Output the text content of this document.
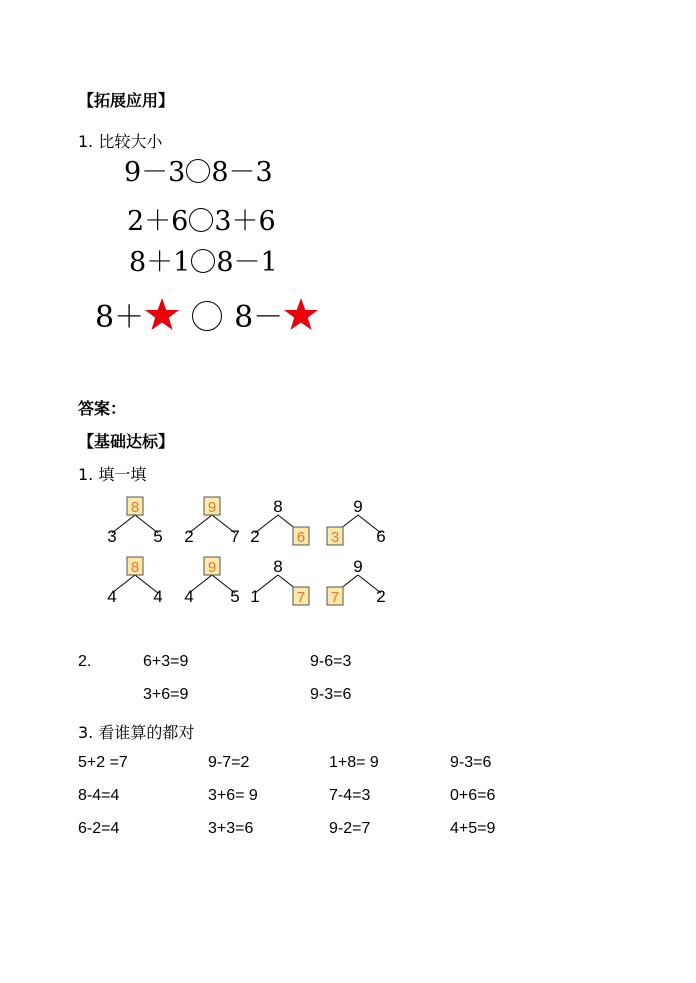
【拓展应用】
1. 比较大小
9－3 8－3
2＋6 3＋6
8＋1 8－1
8＋	8－
答案：
【基础达标】
1. 填一填
8
3 5
9
2 7
8
2 6
9
3 6
8
4 4
9
4 5
8
1 7
9
7 2
2.	6+3=9	9-6=3
3+6=9	9-3=6
3. 看谁算的都对
5+2 =7	9-7=2	1+8= 9	9-3=6
8-4=4	3+6= 9	7-4=3	0+6=6
6-2=4	3+3=6	9-2=7	4+5=9
